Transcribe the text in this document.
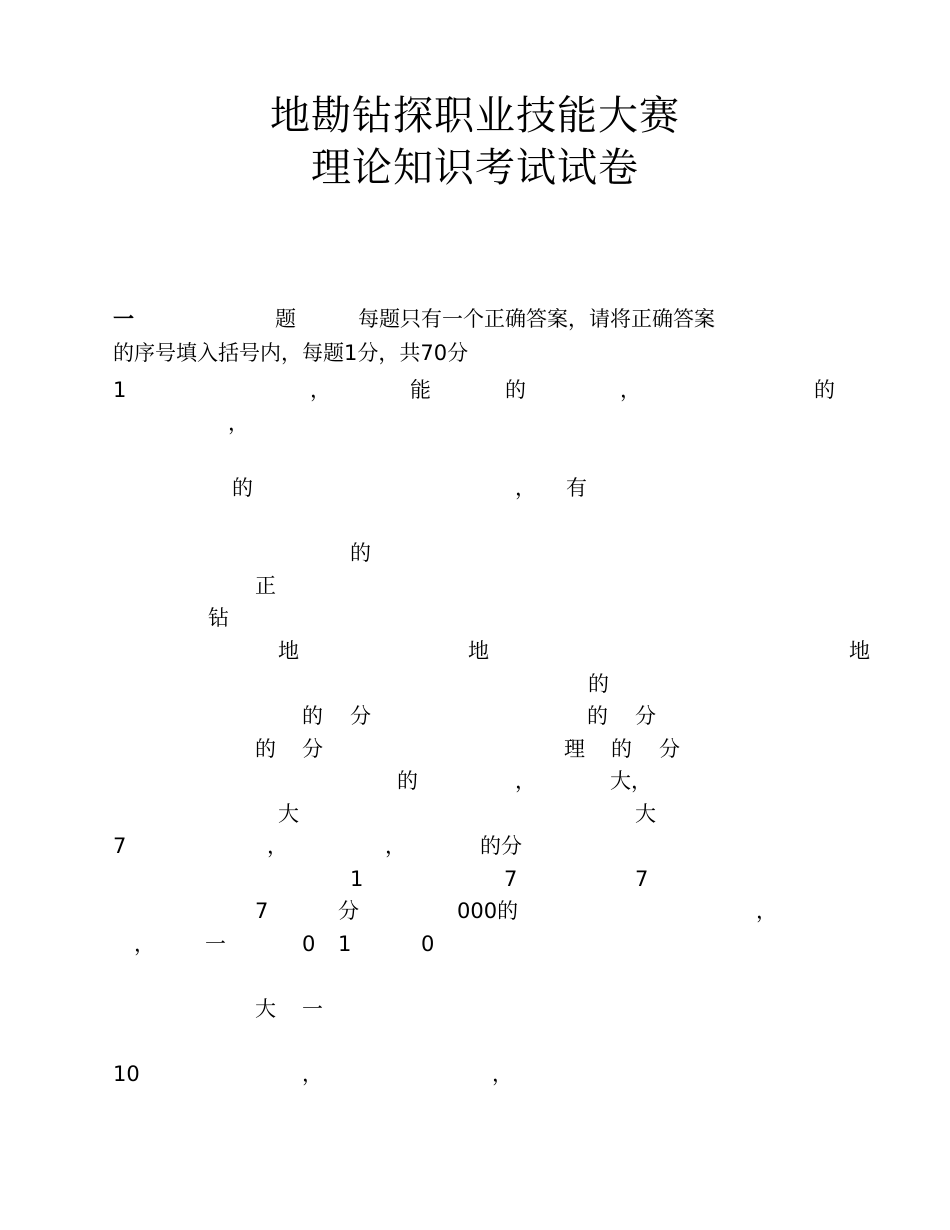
地勘钻探职业技能大赛
理论知识考试试卷
一	题	每题只有一个正确答案，请将正确答案
的序号填入括号内，每题1分，共70分
1	，	能	的	，	的
，
的	， 有
的
正
钻
地	地	地
的
的 分	的 分
的 分	理 的 分
的	，	大，
大	大
7	，	，	的分
1	7	7
7	分	000的	，
， 一	0 1	0
大 一
10	，	，
